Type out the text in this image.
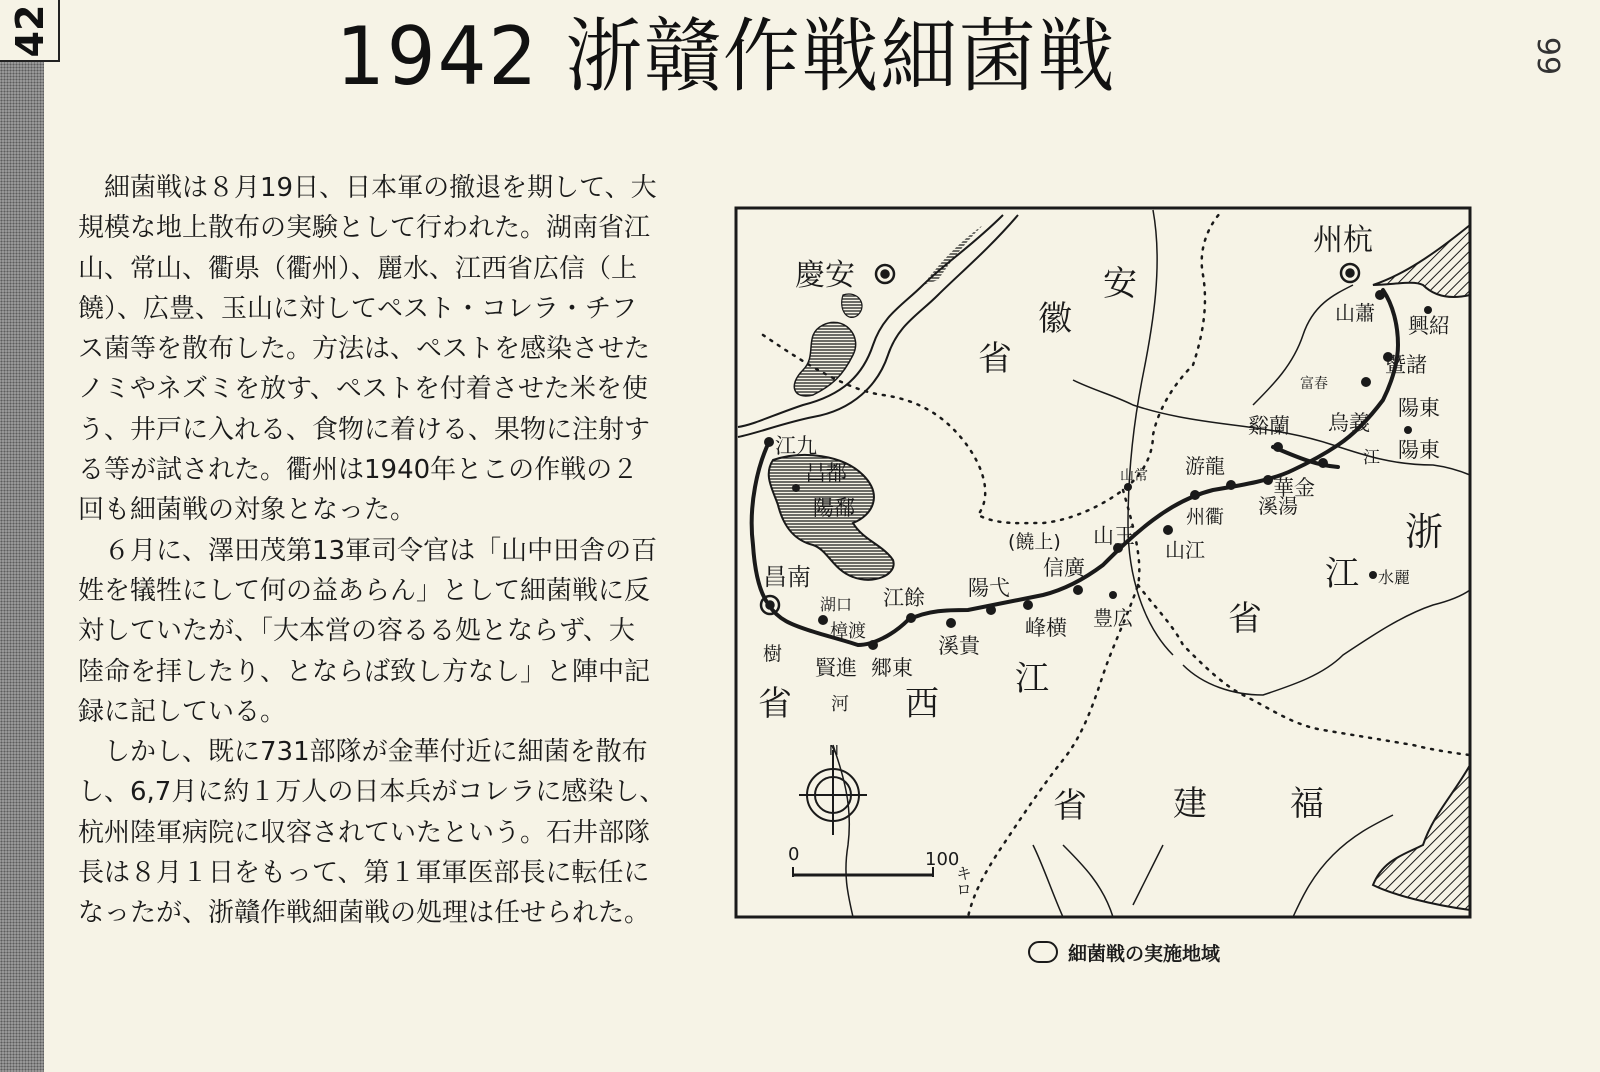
42	99
1942 浙贛作戦細菌戦
　細菌戦は８月19日、日本軍の撤退を期して、大
規模な地上散布の実験として行われた。湖南省江
山、常山、衢県（衢州）、麗水、江西省広信（上
饒）、広豊、玉山に対してペスト・コレラ・チフ
ス菌等を散布した。方法は、ペストを感染させた
ノミやネズミを放す、ペストを付着させた米を使
う、井戸に入れる、食物に着ける、果物に注射す
る等が試された。衢州は1940年とこの作戦の２
回も細菌戦の対象となった。
　６月に、澤田茂第13軍司令官は「山中田舎の百
姓を犠牲にして何の益あらん」として細菌戦に反
対していたが、「大本営の容るる処とならず、大
陸命を拝したり、とならば致し方なし」と陣中記
録に記している。
　しかし、既に731部隊が金華付近に細菌を散布
し、6,7月に約１万人の日本兵がコレラに感染し、
杭州陸軍病院に収容されていたという。石井部隊
長は８月１日をもって、第１軍軍医部長に転任に
なったが、浙贛作戦細菌戦の処理は任せられた。
N
0	100
キロ
安
徽
省
浙
江
省
江
西
省
福
建
省
慶安
州杭
江九
昌都
陽鄱
昌南
山蕭
興紹
暨諸
烏義
谿蘭
陽東
陽東
游龍
華金
溪湯
州衢
山江
山常
山玉
(饒上)
信廣
豊広
陽弋
峰横
溪貴
江餘
郷東
賢進
樹
湖口
樟渡
水麗
富春
江
河
細菌戦の実施地域
